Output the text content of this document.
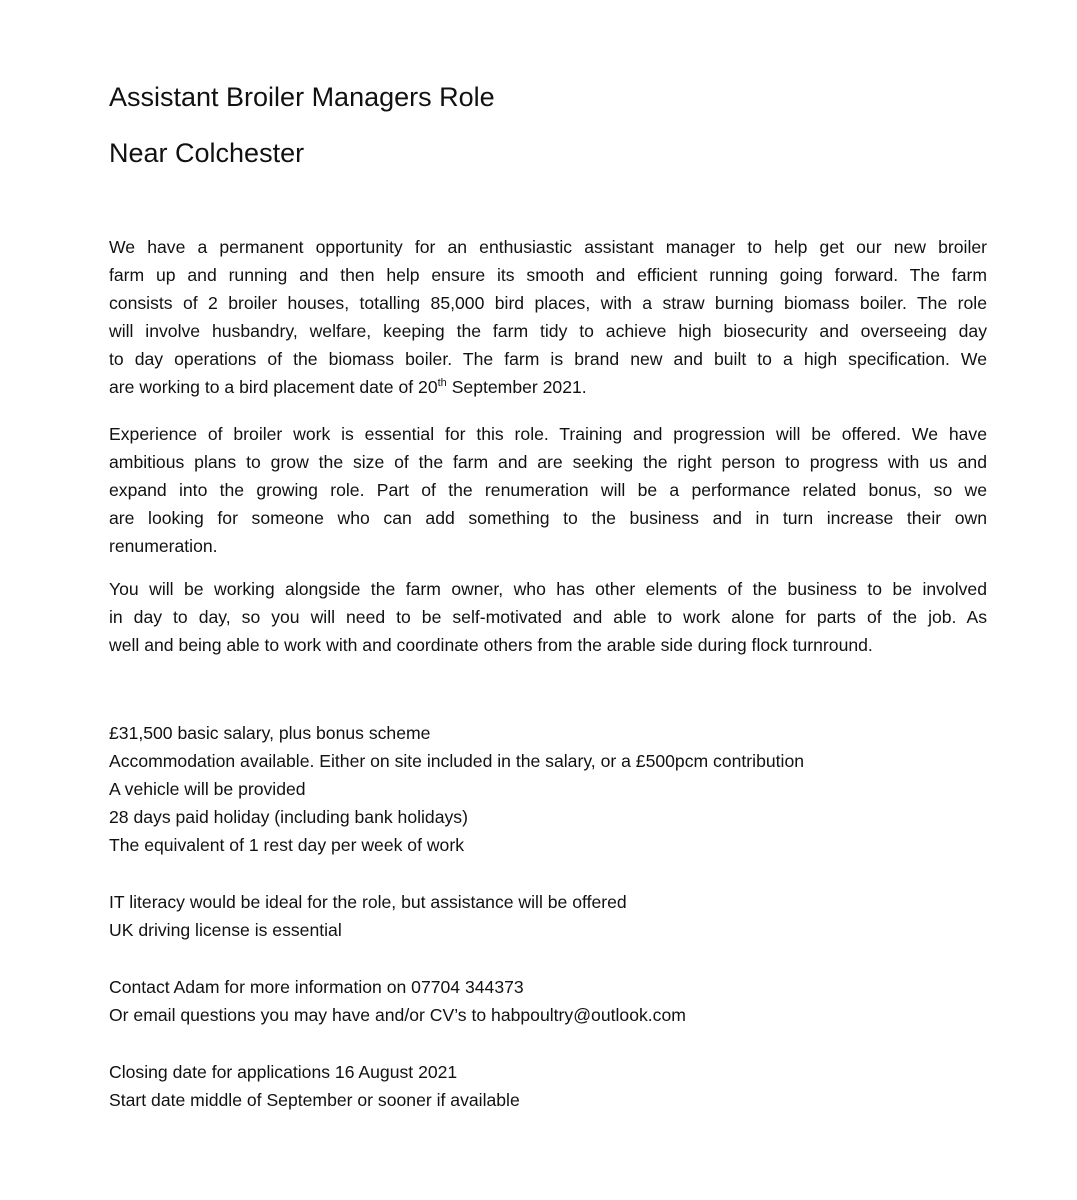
Assistant Broiler Managers Role
Near Colchester
We have a permanent opportunity for an enthusiastic assistant manager to help get our new broiler
farm up and running and then help ensure its smooth and efficient running going forward. The farm
consists of 2 broiler houses, totalling 85,000 bird places, with a straw burning biomass boiler. The role
will involve husbandry, welfare, keeping the farm tidy to achieve high biosecurity and overseeing day
to day operations of the biomass boiler. The farm is brand new and built to a high specification. We
are working to a bird placement date of 20th September 2021.
Experience of broiler work is essential for this role. Training and progression will be offered. We have
ambitious plans to grow the size of the farm and are seeking the right person to progress with us and
expand into the growing role. Part of the renumeration will be a performance related bonus, so we
are looking for someone who can add something to the business and in turn increase their own
renumeration.
You will be working alongside the farm owner, who has other elements of the business to be involved
in day to day, so you will need to be self-motivated and able to work alone for parts of the job. As
well and being able to work with and coordinate others from the arable side during flock turnround.
£31,500 basic salary, plus bonus scheme
Accommodation available. Either on site included in the salary, or a £500pcm contribution
A vehicle will be provided
28 days paid holiday (including bank holidays)
The equivalent of 1 rest day per week of work
IT literacy would be ideal for the role, but assistance will be offered
UK driving license is essential
Contact Adam for more information on 07704 344373
Or email questions you may have and/or CV’s to habpoultry@outlook.com
Closing date for applications 16 August 2021
Start date middle of September or sooner if available
